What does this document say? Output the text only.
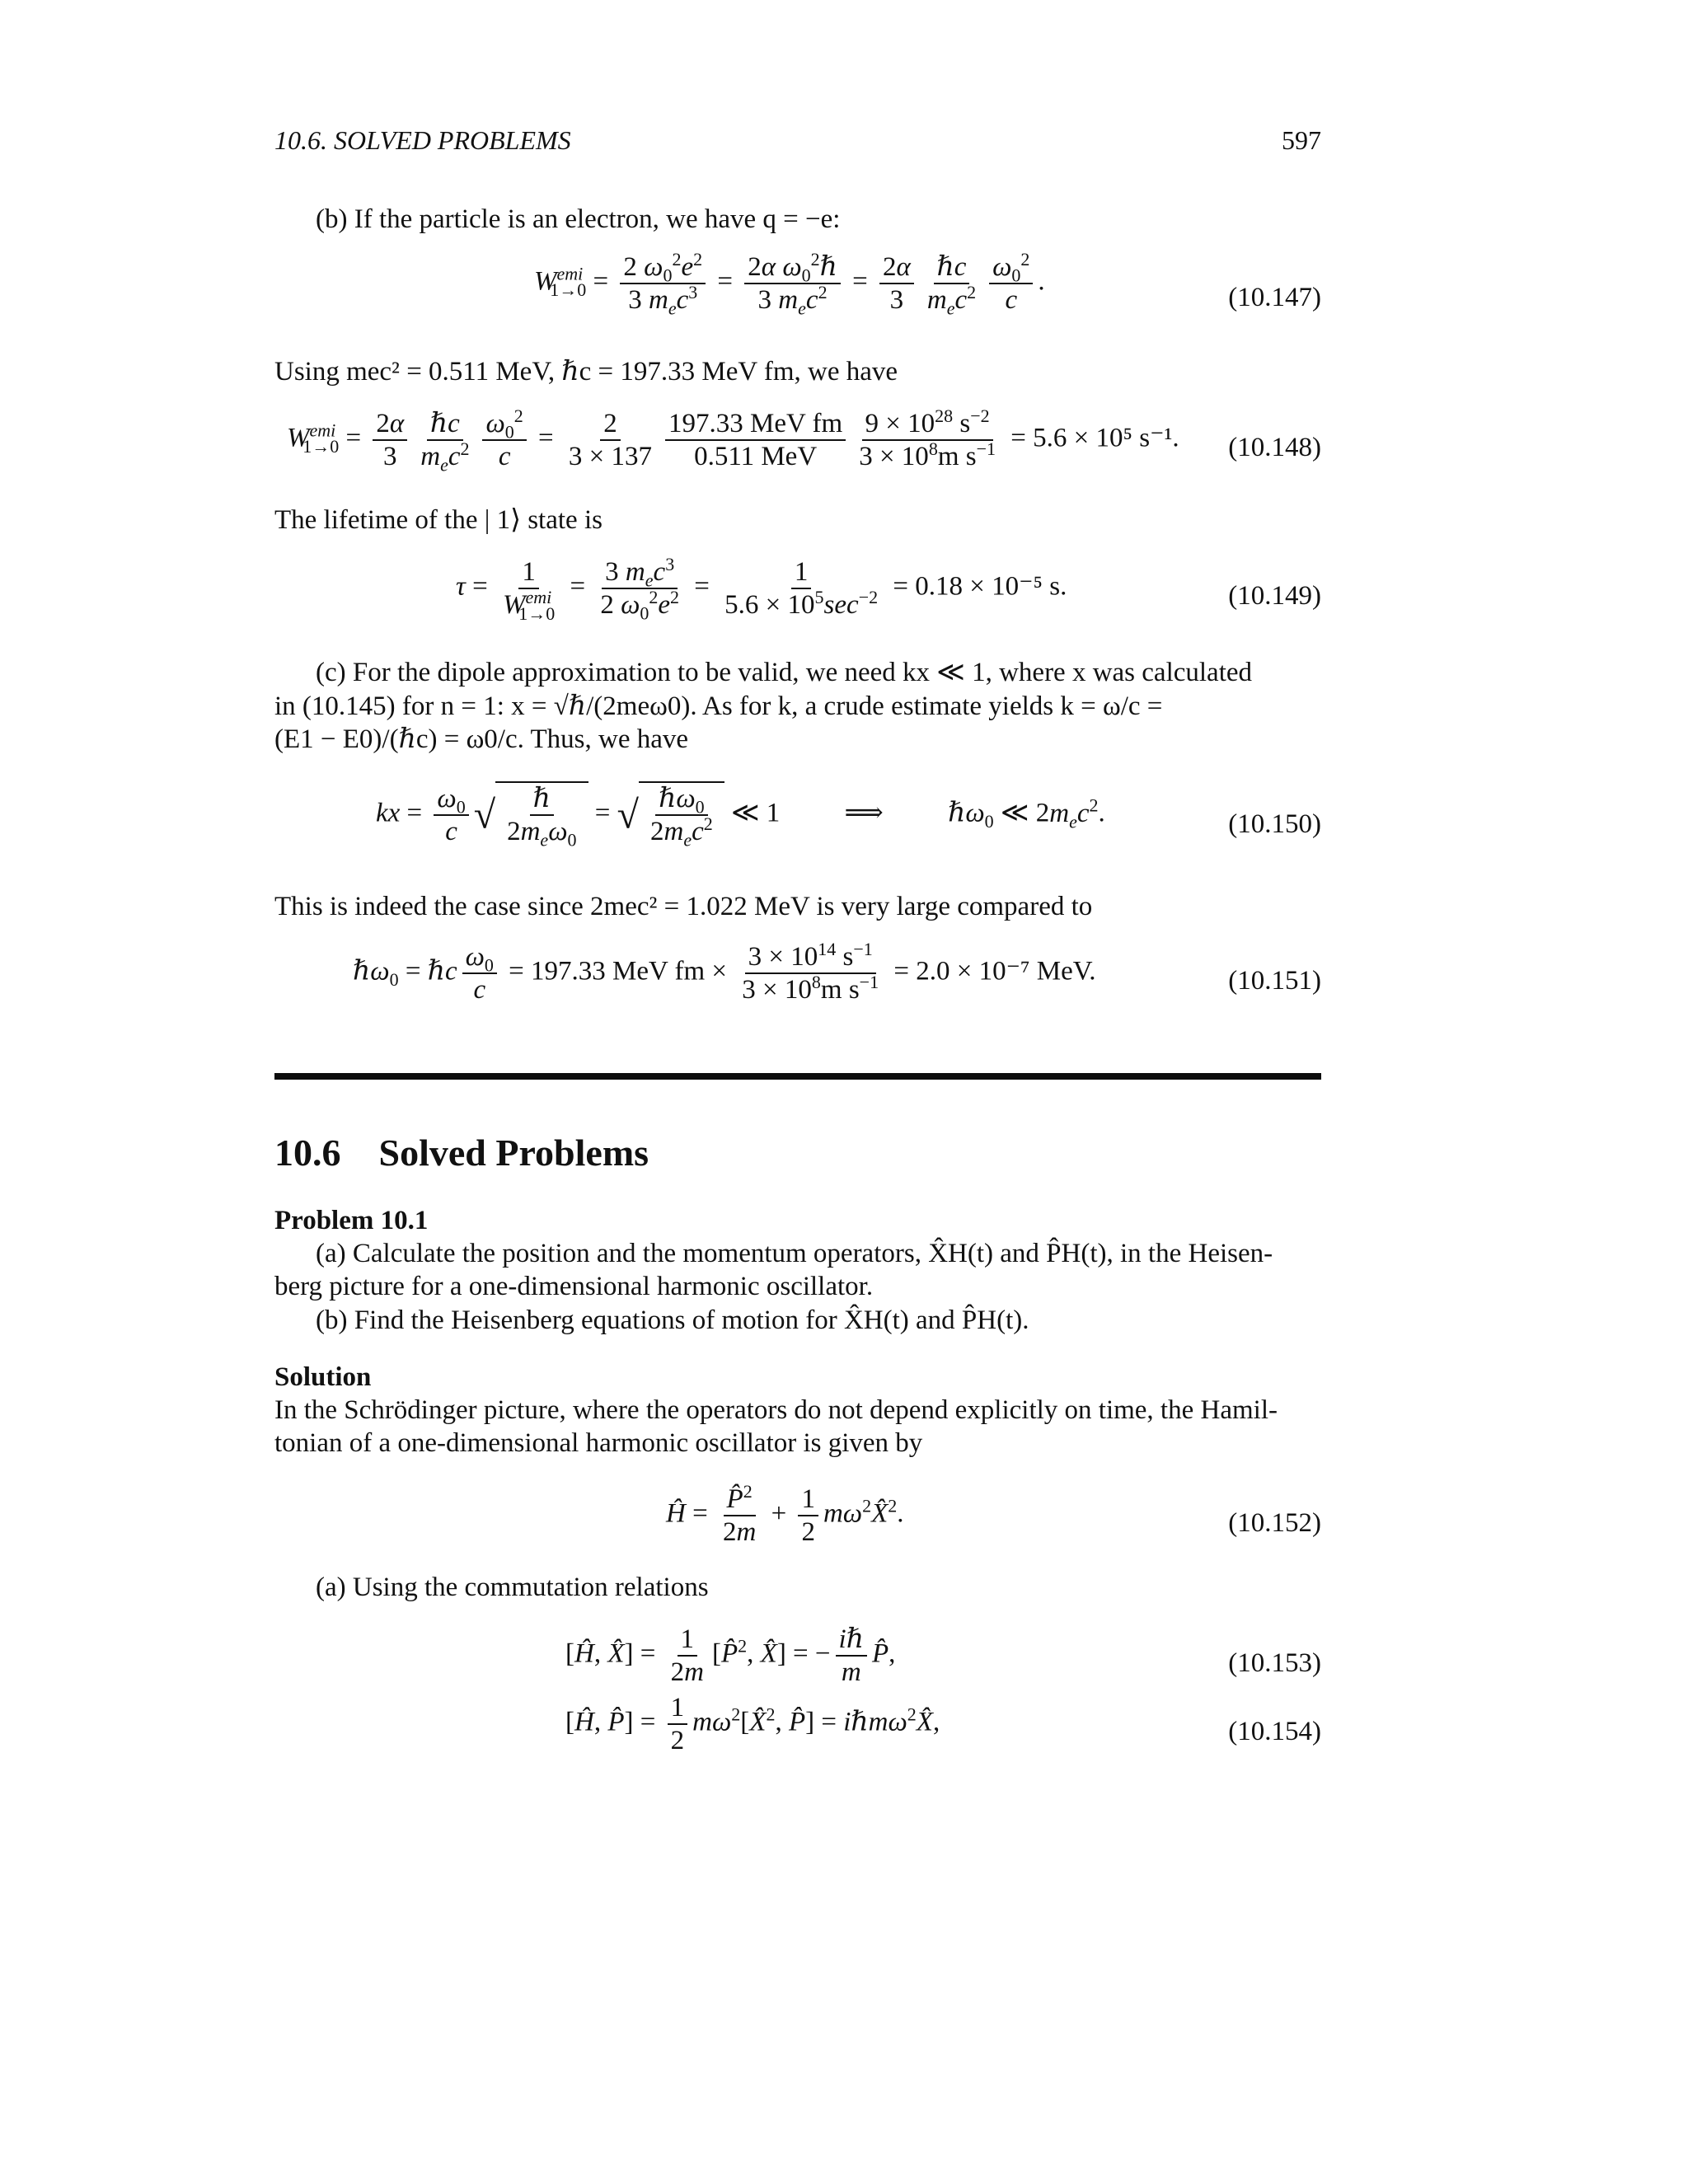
10.6. SOLVED PROBLEMS	597
(b) If the particle is an electron, we have q = −e:
$W^{emi}_{1\to 0} = \frac{2 \omega_0^2e^2}{3 m_ec^3} = \frac{2\alpha \omega_0^2\hbar}{3 m_ec^2} = \frac{2\alpha}{3} \frac{\text{ℏc}}{m_ec^2} \frac{\omega_0^2}{c}$ .
(10.147)
Using mec² = 0.511 MeV, ℏc = 197.33 MeV fm, we have
$W^{emi}_{1\to 0} = \frac{2\alpha}{3} \frac{\text{ℏc}}{m_ec^2} \frac{\omega_0^2}{c} = \frac{2}{3 \times 137} \frac{\text{197.33 MeV fm}}{\text{0.511 MeV}} \frac{9 \times 10^{28} s^{-2}}{3 \times 10^8m s^{-1}} = 5.6 \times 10^5$ s⁻¹. (10.148)
The lifetime of the | 1⟩ state is
$\tau = \frac{1}{W^{emi}_{1\to 0}} = \frac{3 m_ec^3}{2 \omega_0^2e^2} = \frac{1}{5.6 \times 10^5\sec^{-2}} = 0.18 \times 10^{-5}$ s.	(10.149)
(c) For the dipole approximation to be valid, we need kx ≪ 1, where x was calculated
in (10.145) for n = 1: x = √ℏ/(2meω0). As for k, a crude estimate yields k = ω/c =
(E1 − E0)/(ℏc) = ω0/c. Thus, we have
kx = $\frac{\omega_0}{c}$ √ $\frac{\text{ℏ}}{2m_e\omega_0}$ = √ $\frac{\hbar\omega_0}{2m_ec^2}$ ≪ 1 ⟹ ℏω$_0$ ≪ $2m_ec^2$.	(10.150)
This is indeed the case since 2mec² = 1.022 MeV is very large compared to
ℏω$_0$ = ℏc $\frac{\omega_0}{c} = 197.33$ MeV fm × $\frac{3 \times 10^{14} s^{-1}}{3 \times 10^8m s^{-1}} = 2.0 \times 10^{-7}$ MeV.	(10.151)
10.6 Solved Problems
Problem 10.1
(a) Calculate the position and the momentum operators, X̂H(t) and P̂H(t), in the Heisen-
berg picture for a one-dimensional harmonic oscillator.
(b) Find the Heisenberg equations of motion for X̂H(t) and P̂H(t).
Solution
In the Schrödinger picture, where the operators do not depend explicitly on time, the Hamil-
tonian of a one-dimensional harmonic oscillator is given by
Ĥ = $\frac{P̂^2}{2m} + \frac{1}{2}$ $m\omega^2X̂^2$.	(10.152)
(a) Using the commutation relations
[Ĥ, X̂] = $\frac{1}{2m}$ [P̂$^2$, X̂] = − $\frac{\text{iℏ}}{m}$ P̂,	(10.153)
[Ĥ, P̂] = $\frac{1}{2}$ $m\omega^2[X̂^2$, P̂] = iℏmω$^2$X̂,	(10.154)
